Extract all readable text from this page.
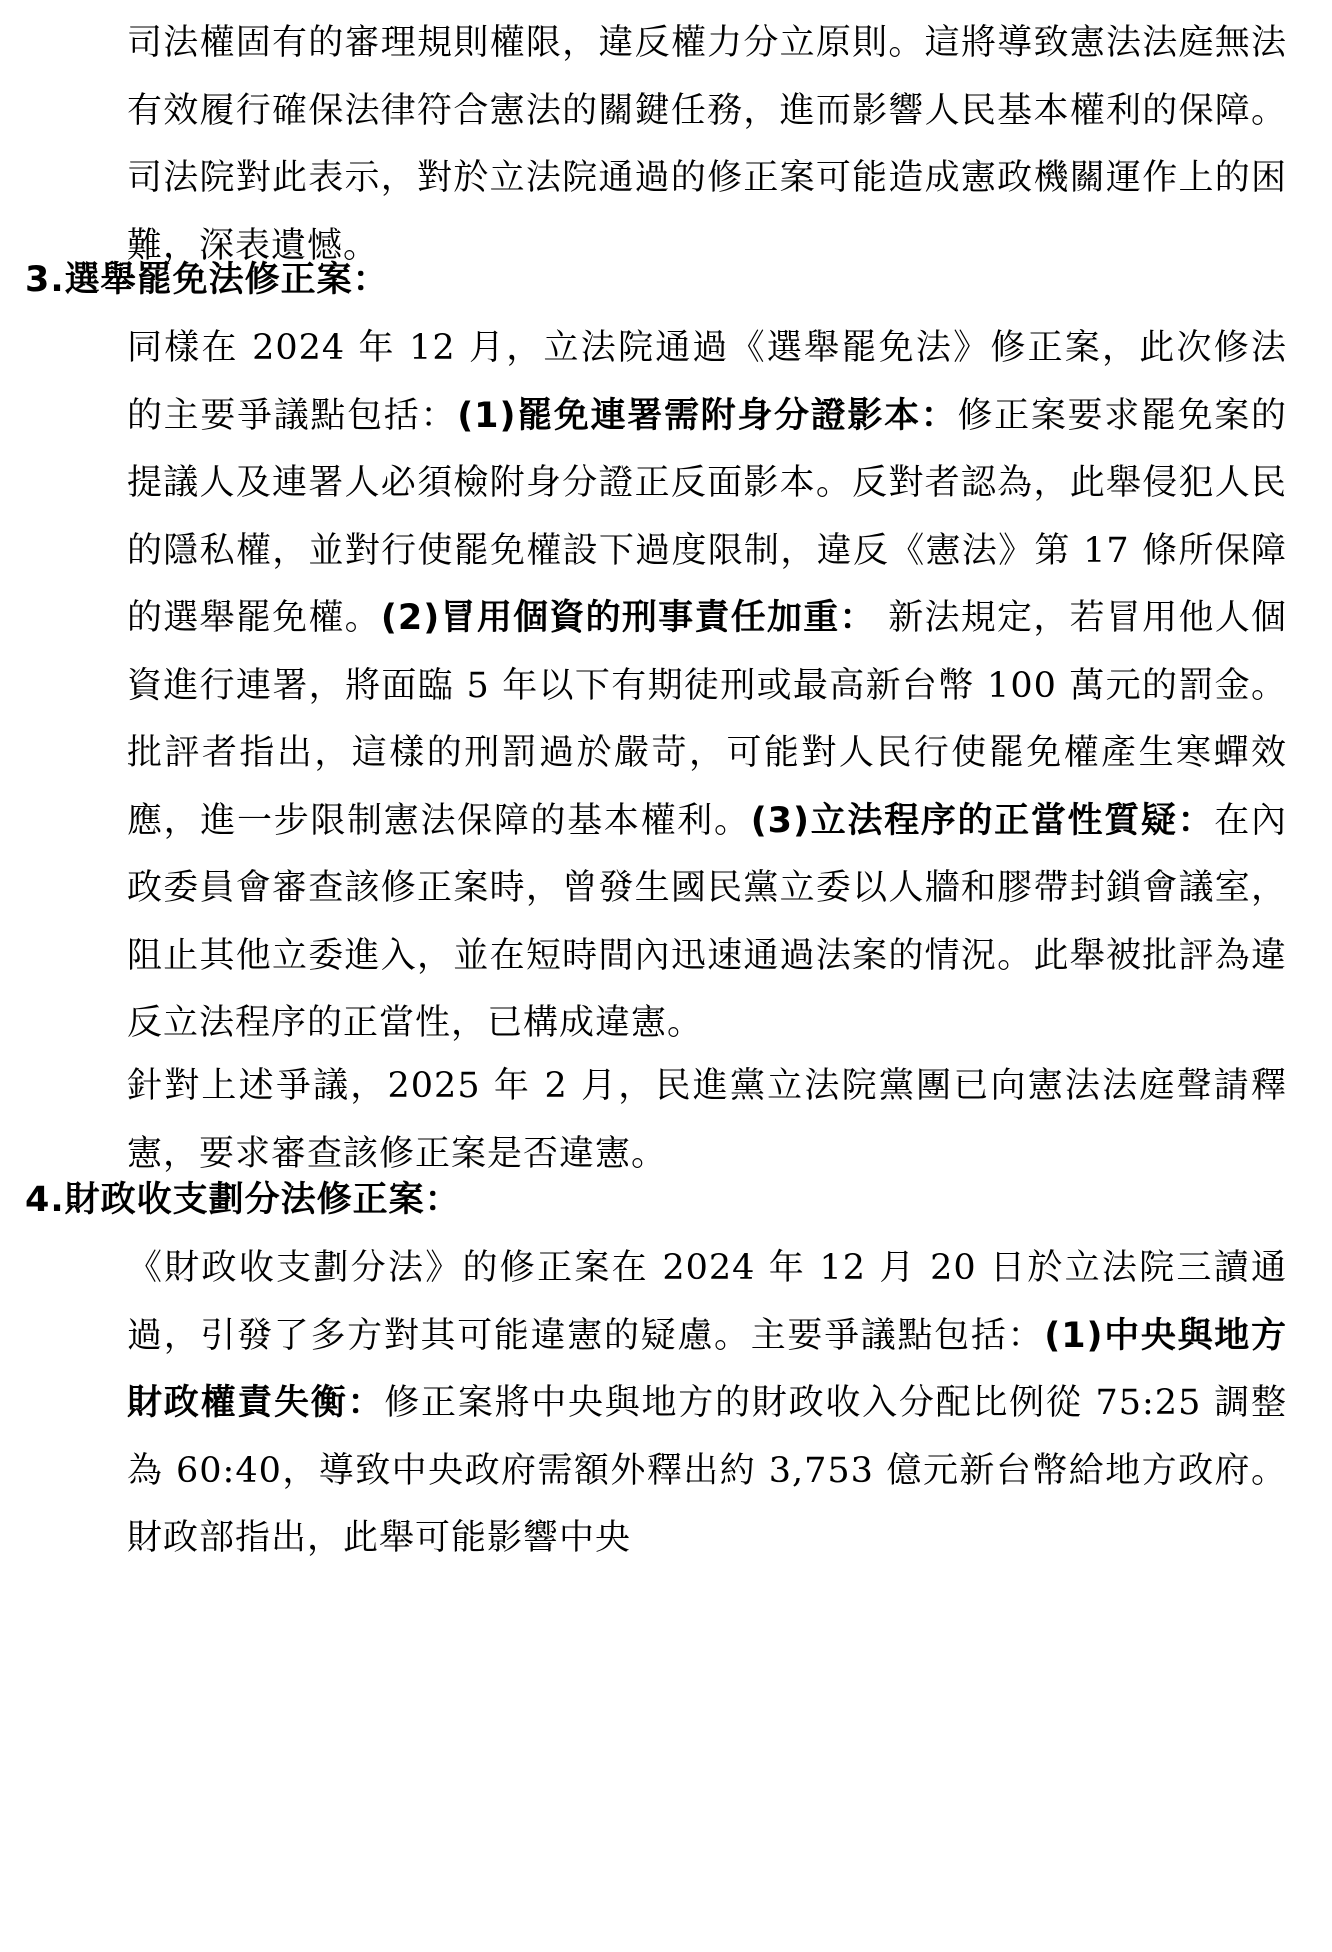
司法權固有的審理規則權限，違反權力分立原則。這將導致憲法法庭無法有效履行確保法律符合憲法的關鍵任務，進而影響人民基本權利的保障。司法院對此表示，對於立法院通過的修正案可能造成憲政機關運作上的困難，深表遺憾。
3.選舉罷免法修正案：
同樣在 2024 年 12 月，立法院通過《選舉罷免法》修正案，此次修法的主要爭議點包括：(1)罷免連署需附身分證影本：修正案要求罷免案的提議人及連署人必須檢附身分證正反面影本。反對者認為，此舉侵犯人民的隱私權，並對行使罷免權設下過度限制，違反《憲法》第 17 條所保障的選舉罷免權。(2)冒用個資的刑事責任加重： 新法規定，若冒用他人個資進行連署，將面臨 5 年以下有期徒刑或最高新台幣 100 萬元的罰金。批評者指出，這樣的刑罰過於嚴苛，可能對人民行使罷免權產生寒蟬效應，進一步限制憲法保障的基本權利。(3)立法程序的正當性質疑：在內政委員會審查該修正案時，曾發生國民黨立委以人牆和膠帶封鎖會議室，阻止其他立委進入，並在短時間內迅速通過法案的情況。此舉被批評為違反立法程序的正當性，已構成違憲。
針對上述爭議，2025 年 2 月，民進黨立法院黨團已向憲法法庭聲請釋憲，要求審查該修正案是否違憲。
4.財政收支劃分法修正案：
《財政收支劃分法》的修正案在 2024 年 12 月 20 日於立法院三讀通過，引發了多方對其可能違憲的疑慮。主要爭議點包括：(1)中央與地方財政權責失衡：修正案將中央與地方的財政收入分配比例從 75:25 調整為 60:40，導致中央政府需額外釋出約 3,753 億元新台幣給地方政府。財政部指出，此舉可能影響中央
